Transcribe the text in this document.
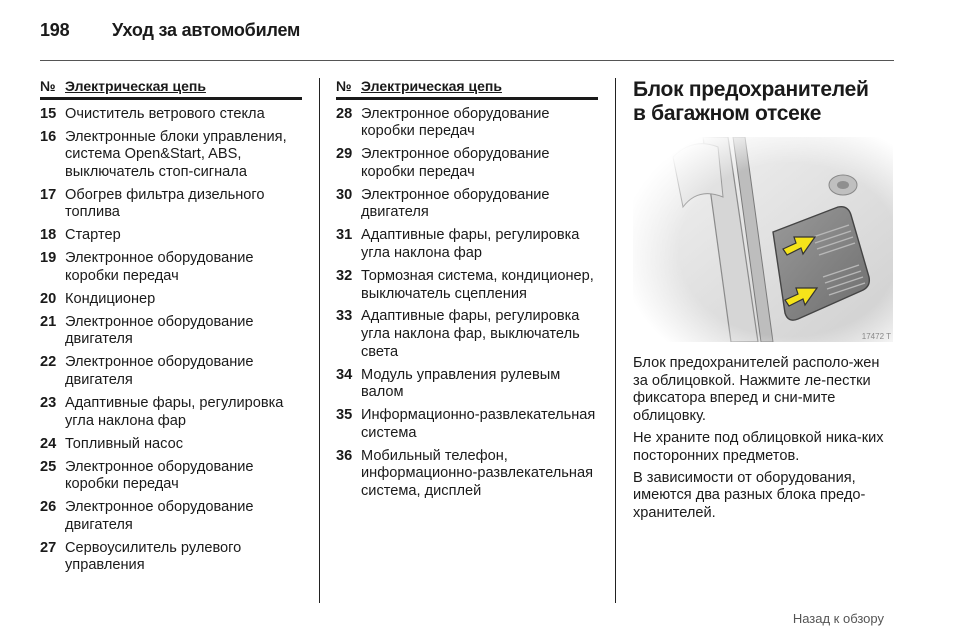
198 Уход за автомобилем
№ Электрическая цепь
15 Очиститель ветрового стекла
16 Электронные блоки управления, система Open&Start, ABS, выключатель стоп-сигнала
17 Обогрев фильтра дизельного топлива
18 Стартер
19 Электронное оборудование коробки передач
20 Кондиционер
21 Электронное оборудование двигателя
22 Электронное оборудование двигателя
23 Адаптивные фары, регулировка угла наклона фар
24 Топливный насос
25 Электронное оборудование коробки передач
26 Электронное оборудование двигателя
27 Сервоусилитель рулевого управления
№ Электрическая цепь
28 Электронное оборудование коробки передач
29 Электронное оборудование коробки передач
30 Электронное оборудование двигателя
31 Адаптивные фары, регулировка угла наклона фар
32 Тормозная система, кондиционер, выключатель сцепления
33 Адаптивные фары, регулировка угла наклона фар, выключатель света
34 Модуль управления рулевым валом
35 Информационно-развлекательная система
36 Мобильный телефон, информационно-развлекательная система, дисплей
Блок предохранителей
в багажном отсеке
17472 T

Блок предохранителей располо-жен за облицовкой. Нажмите ле-пестки фиксатора вперед и сни-мите облицовку.

Не храните под облицовкой ника-ких посторонних предметов.

В зависимости от оборудования, имеются два разных блока предо-хранителей.

Назад к обзору
